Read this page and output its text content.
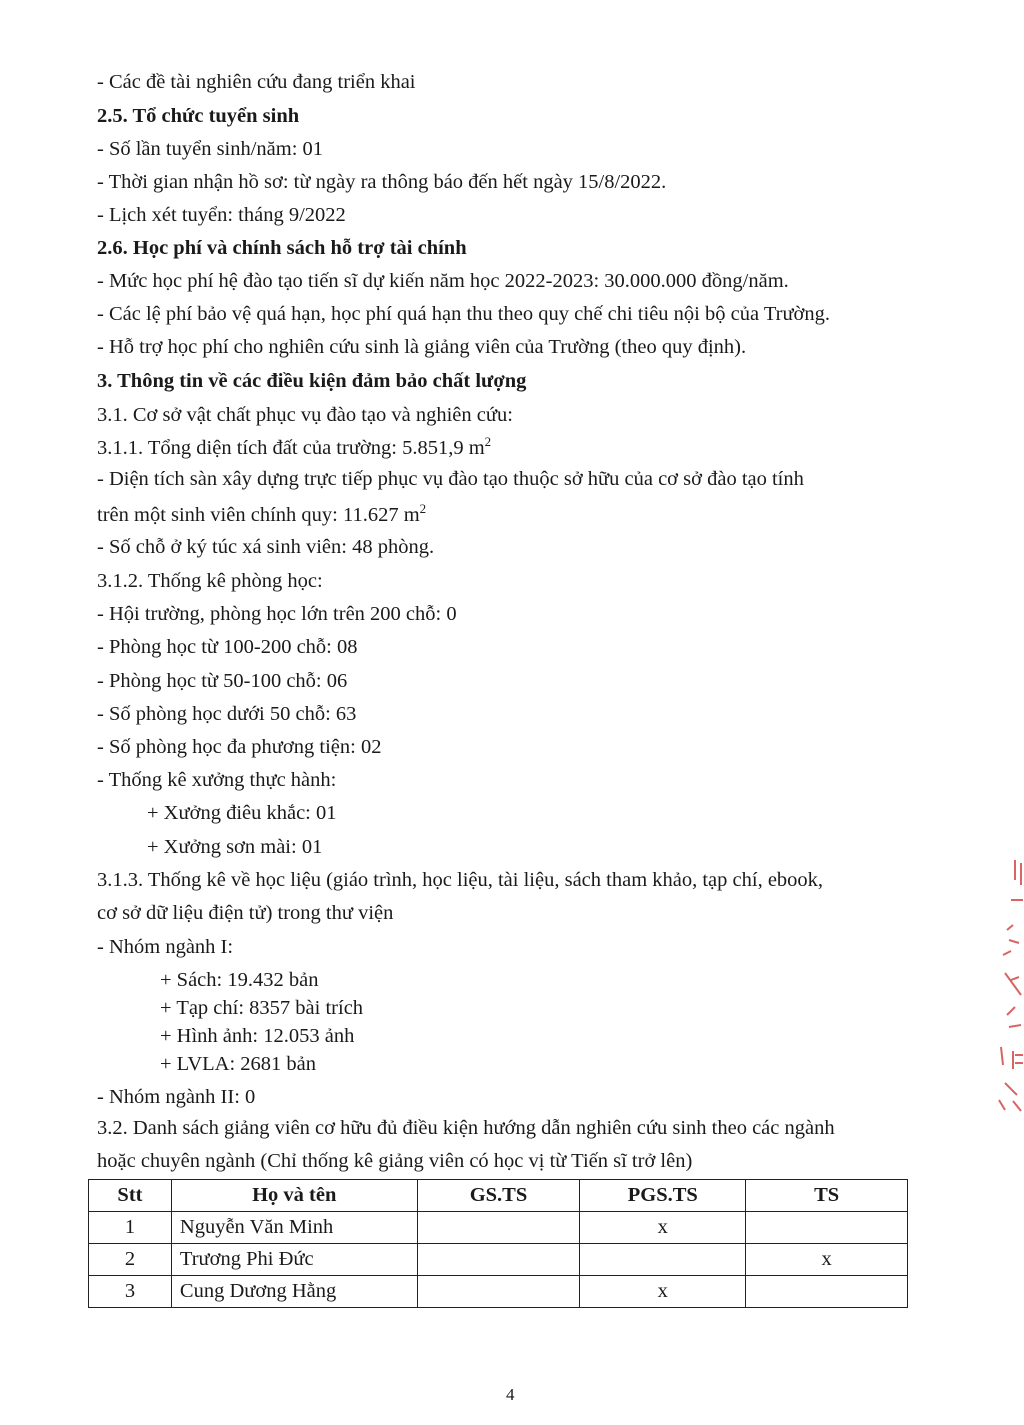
- Các đề tài nghiên cứu đang triển khai
2.5. Tổ chức tuyển sinh
- Số lần tuyển sinh/năm: 01
- Thời gian nhận hồ sơ: từ ngày ra thông báo đến hết ngày 15/8/2022.
- Lịch xét tuyển: tháng 9/2022
2.6. Học phí và chính sách hỗ trợ tài chính
- Mức học phí hệ đào tạo tiến sĩ dự kiến năm học 2022-2023: 30.000.000 đồng/năm.
- Các lệ phí bảo vệ quá hạn, học phí quá hạn thu theo quy chế chi tiêu nội bộ của Trường.
- Hỗ trợ học phí cho nghiên cứu sinh là giảng viên của Trường (theo quy định).
3. Thông tin về các điều kiện đảm bảo chất lượng
3.1. Cơ sở vật chất phục vụ đào tạo và nghiên cứu:
3.1.1. Tổng diện tích đất của trường: 5.851,9 $m^2$
- Diện tích sàn xây dựng trực tiếp phục vụ đào tạo thuộc sở hữu của cơ sở đào tạo tính
trên một sinh viên chính quy: 11.627 $m^2$
- Số chỗ ở ký túc xá sinh viên: 48 phòng.
3.1.2. Thống kê phòng học:
- Hội trường, phòng học lớn trên 200 chỗ: 0
- Phòng học từ 100-200 chỗ: 08
- Phòng học từ 50-100 chỗ: 06
- Số phòng học dưới 50 chỗ: 63
- Số phòng học đa phương tiện: 02
- Thống kê xưởng thực hành:
+ Xưởng điêu khắc: 01
+ Xưởng sơn mài: 01
3.1.3. Thống kê về học liệu (giáo trình, học liệu, tài liệu, sách tham khảo, tạp chí, ebook,
cơ sở dữ liệu điện tử) trong thư viện
- Nhóm ngành I:
+ Sách: 19.432 bản
+ Tạp chí: 8357 bài trích
+ Hình ảnh: 12.053 ảnh
+ LVLA: 2681 bản
- Nhóm ngành II: 0
3.2. Danh sách giảng viên cơ hữu đủ điều kiện hướng dẫn nghiên cứu sinh theo các ngành
hoặc chuyên ngành (Chỉ thống kê giảng viên có học vị từ Tiến sĩ trở lên)
Stt	Họ và tên	GS.TS	PGS.TS	TS
1	Nguyễn Văn Minh		x	
2	Trương Phi Đức			x
3	Cung Dương Hằng		x	
4
